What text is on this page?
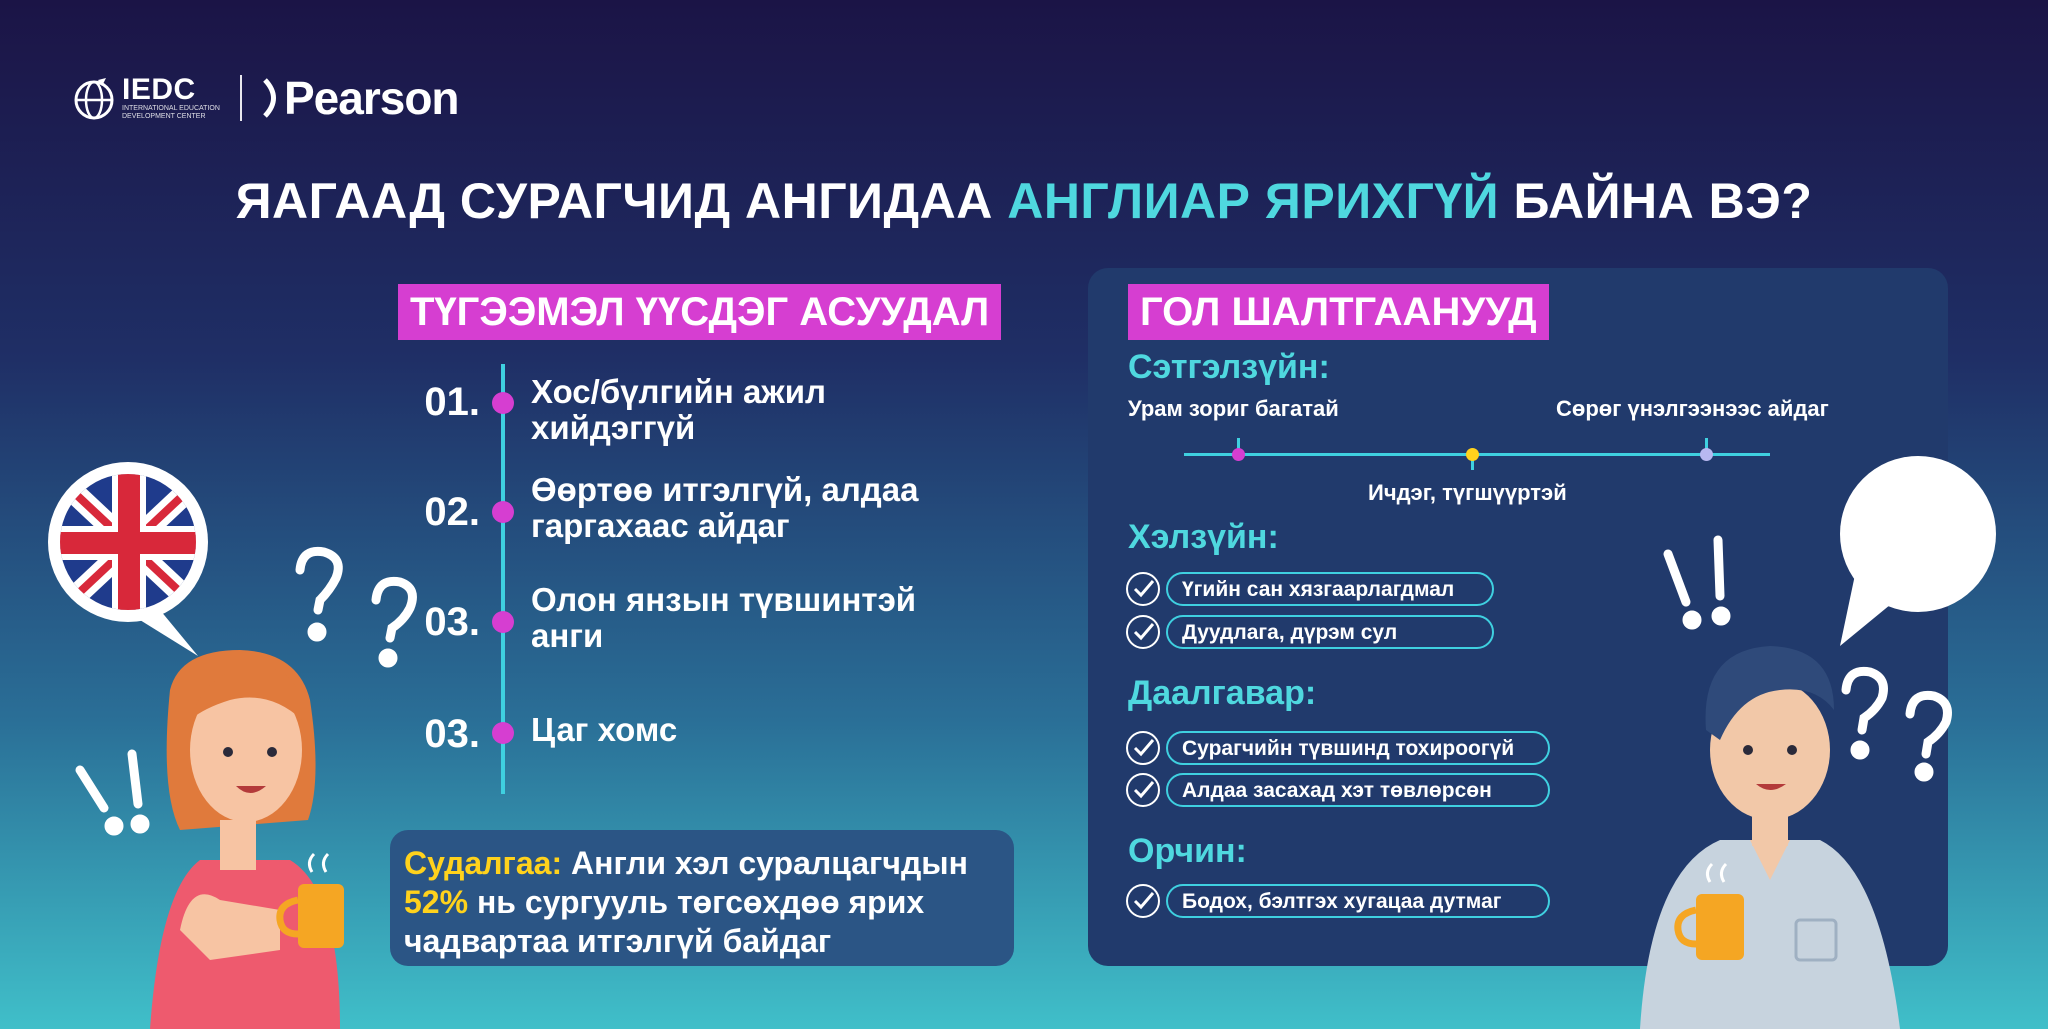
IEDC
INTERNATIONAL EDUCATION DEVELOPMENT CENTER	Pearson
ЯАГААД СУРАГЧИД АНГИДАА АНГЛИАР ЯРИХГҮЙ БАЙНА ВЭ?
ТҮГЭЭМЭЛ ҮҮСДЭГ АСУУДАЛ
01. Хос/бүлгийн ажил хийдэггүй
02.
Өөртөө итгэлгүй, алдаа гаргахаас айдаг
03.
Олон янзын түвшинтэй анги
03. Цаг хомс
Судалгаа: Англи хэл суралцагчдын
52% нь сургууль төгсөхдөө ярих
чадвартаа итгэлгүй байдаг
ГОЛ ШАЛТГААНУУД
Сэтгэлзүйн:
Урам зориг багатай
Ичдэг, түгшүүртэй
Сөрөг үнэлгээнээс айдаг
Хэлзүйн:
Үгийн сан хязгаарлагдмал
Дуудлага, дүрэм сул
Даалгавар:
Сурагчийн түвшинд тохироогүй
Алдаа засахад хэт төвлөрсөн
Орчин:
Бодох, бэлтгэх хугацаа дутмаг
